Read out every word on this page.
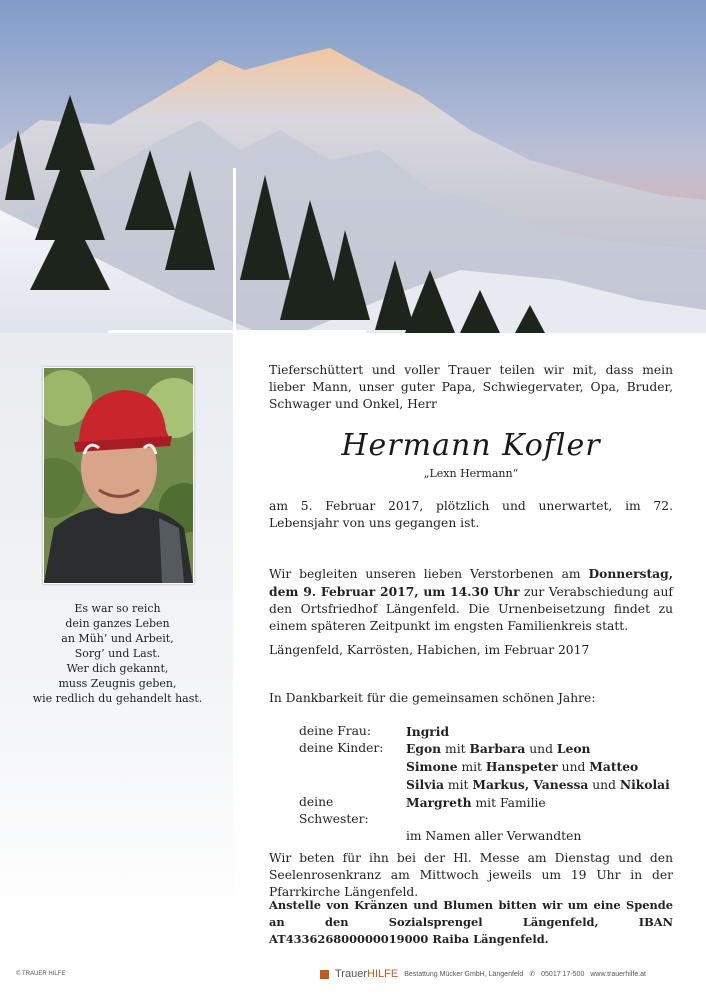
Es war so reich
dein ganzes Leben
an Müh’ und Arbeit,
Sorg’ und Last.
Wer dich gekannt,
muss Zeugnis geben,
wie redlich du gehandelt hast.
Tieferschüttert und voller Trauer teilen wir mit, dass mein lieber Mann, unser guter Papa, Schwiegervater, Opa, Bruder, Schwager und Onkel, Herr
Hermann Kofler
„Lexn Hermann“
am 5. Februar 2017, plötzlich und unerwartet, im 72. Lebensjahr von uns gegangen ist.
Wir begleiten unseren lieben Verstorbenen am Donnerstag, dem 9. Februar 2017, um 14.30 Uhr zur Verabschiedung auf den Ortsfriedhof Längenfeld. Die Urnenbeisetzung findet zu einem späteren Zeitpunkt im engsten Familienkreis statt.
Längenfeld, Karrösten, Habichen, im Februar 2017
In Dankbarkeit für die gemeinsamen schönen Jahre:
deine Frau:	Ingrid
deine Kinder:	Egon mit Barbara und Leon
Simone mit Hanspeter und Matteo
Silvia mit Markus, Vanessa und Nikolai
deine Schwester:
Margreth mit Familie
im Namen aller Verwandten
Wir beten für ihn bei der Hl. Messe am Dienstag und den Seelenrosenkranz am Mittwoch jeweils um 19 Uhr in der Pfarrkirche Längenfeld.
Anstelle von Kränzen und Blumen bitten wir um eine Spende an den Sozialsprengel Längenfeld, IBAN AT433626800000019000 Raiba Längenfeld.
© TRAUER HILFE	TrauerHILFE Bestattung Mücker GmbH, Längenfeld ✆ 05017 17-500 www.trauerhilfe.at
